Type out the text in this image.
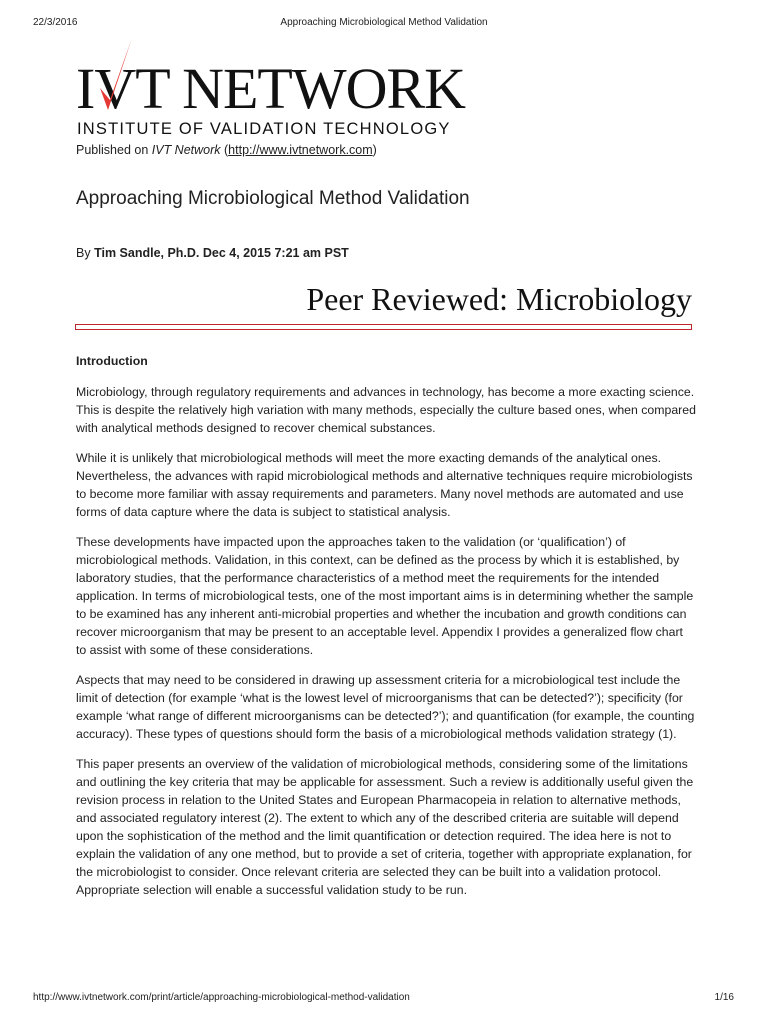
22/3/2016	Approaching Microbiological Method Validation
IVT NETWORK
INSTITUTE OF VALIDATION TECHNOLOGY
Published on IVT Network (http://www.ivtnetwork.com)
Approaching Microbiological Method Validation
By Tim Sandle, Ph.D. Dec 4, 2015 7:21 am PST
Peer Reviewed: Microbiology
Introduction

Microbiology, through regulatory requirements and advances in technology, has become a more exacting science. This is despite the relatively high variation with many methods, especially the culture based ones, when compared with analytical methods designed to recover chemical substances.

While it is unlikely that microbiological methods will meet the more exacting demands of the analytical ones. Nevertheless, the advances with rapid microbiological methods and alternative techniques require microbiologists to become more familiar with assay requirements and parameters. Many novel methods are automated and use forms of data capture where the data is subject to statistical analysis.

These developments have impacted upon the approaches taken to the validation (or ‘qualification’) of microbiological methods. Validation, in this context, can be defined as the process by which it is established, by laboratory studies, that the performance characteristics of a method meet the requirements for the intended application. In terms of microbiological tests, one of the most important aims is in determining whether the sample to be examined has any inherent anti-microbial properties and whether the incubation and growth conditions can recover microorganism that may be present to an acceptable level. Appendix I provides a generalized flow chart to assist with some of these considerations.

Aspects that may need to be considered in drawing up assessment criteria for a microbiological test include the limit of detection (for example ‘what is the lowest level of microorganisms that can be detected?’); specificity (for example ‘what range of different microorganisms can be detected?’); and quantification (for example, the counting accuracy). These types of questions should form the basis of a microbiological methods validation strategy (1).

This paper presents an overview of the validation of microbiological methods, considering some of the limitations and outlining the key criteria that may be applicable for assessment. Such a review is additionally useful given the revision process in relation to the United States and European Pharmacopeia in relation to alternative methods, and associated regulatory interest (2). The extent to which any of the described criteria are suitable will depend upon the sophistication of the method and the limit quantification or detection required. The idea here is not to explain the validation of any one method, but to provide a set of criteria, together with appropriate explanation, for the microbiologist to consider. Once relevant criteria are selected they can be built into a validation protocol. Appropriate selection will enable a successful validation study to be run.

http://www.ivtnetwork.com/print/article/approaching-microbiological-method-validation	1/16
